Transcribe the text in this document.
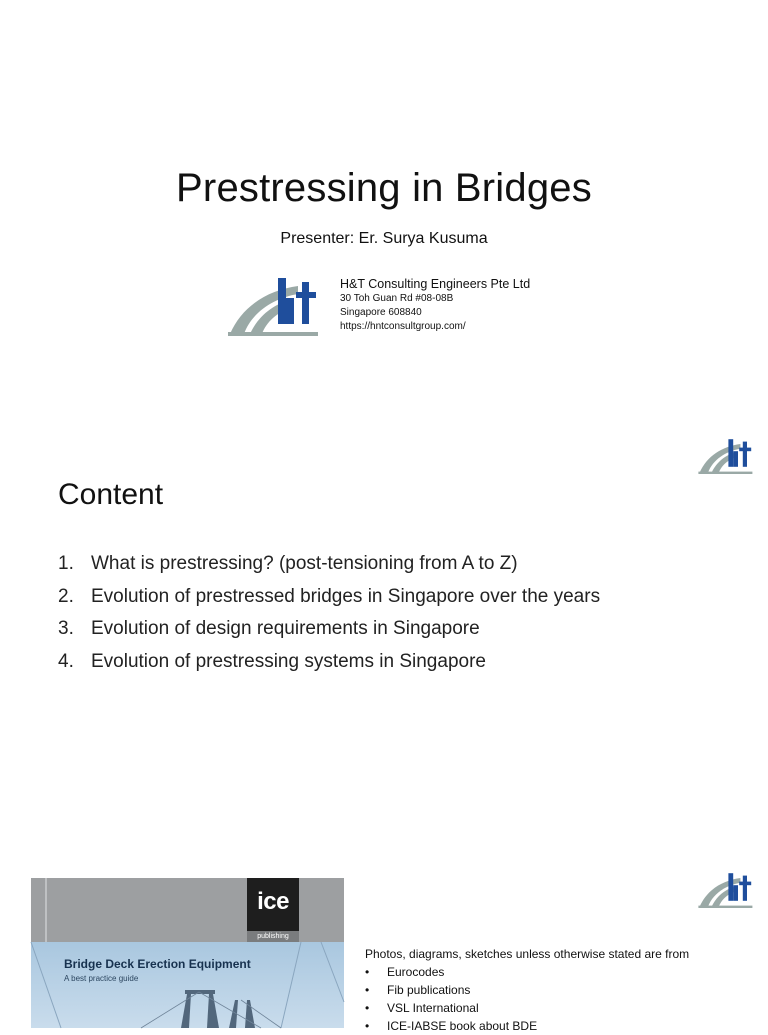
Prestressing in Bridges
Presenter: Er. Surya Kusuma
H&T Consulting Engineers Pte Ltd
30 Toh Guan Rd #08-08B
Singapore 608840
https://hntconsultgroup.com/
Content
1. What is prestressing? (post-tensioning from A to Z)
2. Evolution of prestressed bridges in Singapore over the years
3. Evolution of design requirements in Singapore
4. Evolution of prestressing systems in Singapore
ice
publishing
Bridge Deck Erection Equipment
A best practice guide
Photos, diagrams, sketches unless otherwise stated are from
•	Eurocodes
•	Fib publications
•	VSL International
•	ICE-IABSE book about BDE
